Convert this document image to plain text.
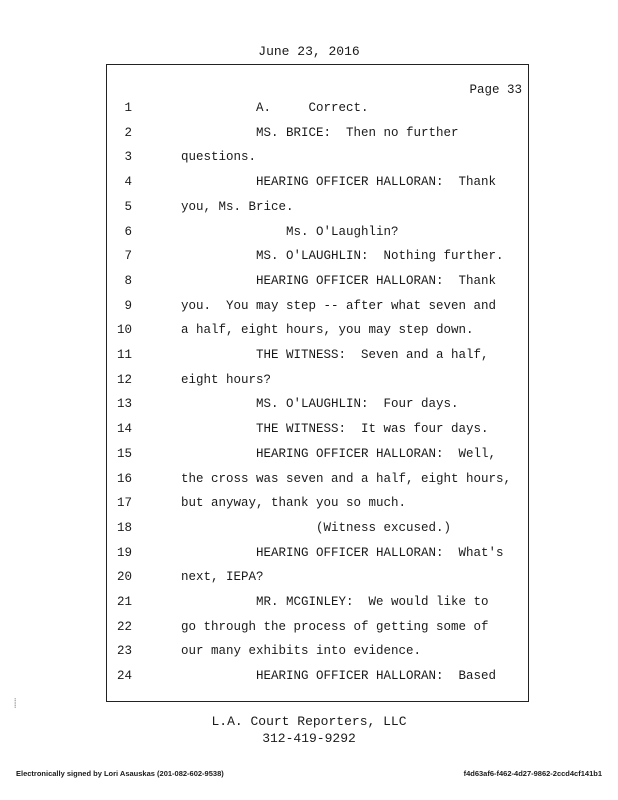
June 23, 2016
Page 33
1	A.     Correct.
2	MS. BRICE:  Then no further
3	questions.
4	HEARING OFFICER HALLORAN:  Thank
5	you, Ms. Brice.
6	Ms. O'Laughlin?
7	MS. O'LAUGHLIN:  Nothing further.
8	HEARING OFFICER HALLORAN:  Thank
9	you.  You may step -- after what seven and
10	a half, eight hours, you may step down.
11	THE WITNESS:  Seven and a half,
12	eight hours?
13	MS. O'LAUGHLIN:  Four days.
14	THE WITNESS:  It was four days.
15	HEARING OFFICER HALLORAN:  Well,
16	the cross was seven and a half, eight hours,
17	but anyway, thank you so much.
18	(Witness excused.)
19	HEARING OFFICER HALLORAN:  What's
20	next, IEPA?
21	MR. MCGINLEY:  We would like to
22	go through the process of getting some of
23	our many exhibits into evidence.
24	HEARING OFFICER HALLORAN:  Based
L.A. Court Reporters, LLC
312-419-9292
Electronically signed by Lori Asauskas (201-082-602-9538)	f4d63af6-f462-4d27-9862-2ccd4cf141b1
⸽
